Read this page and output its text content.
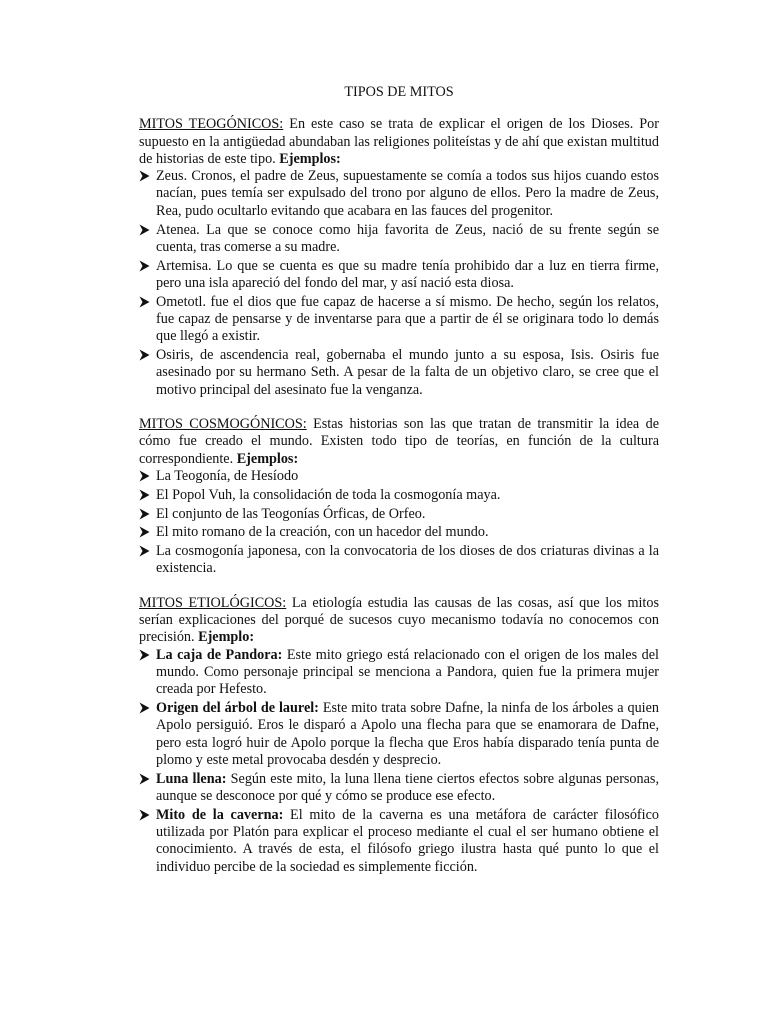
TIPOS DE MITOS

MITOS TEOGÓNICOS: En este caso se trata de explicar el origen de los Dioses. Por supuesto en la antigüedad abundaban las religiones politeístas y de ahí que existan multitud de historias de este tipo. Ejemplos:

Zeus. Cronos, el padre de Zeus, supuestamente se comía a todos sus hijos cuando estos nacían, pues temía ser expulsado del trono por alguno de ellos. Pero la madre de Zeus, Rea, pudo ocultarlo evitando que acabara en las fauces del progenitor.
Atenea. La que se conoce como hija favorita de Zeus, nació de su frente según se cuenta, tras comerse a su madre.
Artemisa. Lo que se cuenta es que su madre tenía prohibido dar a luz en tierra firme, pero una isla apareció del fondo del mar, y así nació esta diosa.
Ometotl. fue el dios que fue capaz de hacerse a sí mismo. De hecho, según los relatos, fue capaz de pensarse y de inventarse para que a partir de él se originara todo lo demás que llegó a existir.
Osiris, de ascendencia real, gobernaba el mundo junto a su esposa, Isis. Osiris fue asesinado por su hermano Seth. A pesar de la falta de un objetivo claro, se cree que el motivo principal del asesinato fue la venganza.

MITOS COSMOGÓNICOS: Estas historias son las que tratan de transmitir la idea de cómo fue creado el mundo. Existen todo tipo de teorías, en función de la cultura correspondiente. Ejemplos:

La Teogonía, de Hesíodo
El Popol Vuh, la consolidación de toda la cosmogonía maya.
El conjunto de las Teogonías Órficas, de Orfeo.
El mito romano de la creación, con un hacedor del mundo.
La cosmogonía japonesa, con la convocatoria de los dioses de dos criaturas divinas a la existencia.

MITOS ETIOLÓGICOS: La etiología estudia las causas de las cosas, así que los mitos serían explicaciones del porqué de sucesos cuyo mecanismo todavía no conocemos con precisión. Ejemplo:

La caja de Pandora: Este mito griego está relacionado con el origen de los males del mundo. Como personaje principal se menciona a Pandora, quien fue la primera mujer creada por Hefesto.
Origen del árbol de laurel: Este mito trata sobre Dafne, la ninfa de los árboles a quien Apolo persiguió. Eros le disparó a Apolo una flecha para que se enamorara de Dafne, pero esta logró huir de Apolo porque la flecha que Eros había disparado tenía punta de plomo y este metal provocaba desdén y desprecio.
Luna llena: Según este mito, la luna llena tiene ciertos efectos sobre algunas personas, aunque se desconoce por qué y cómo se produce ese efecto.
Mito de la caverna: El mito de la caverna es una metáfora de carácter filosófico utilizada por Platón para explicar el proceso mediante el cual el ser humano obtiene el conocimiento. A través de esta, el filósofo griego ilustra hasta qué punto lo que el individuo percibe de la sociedad es simplemente ficción.
